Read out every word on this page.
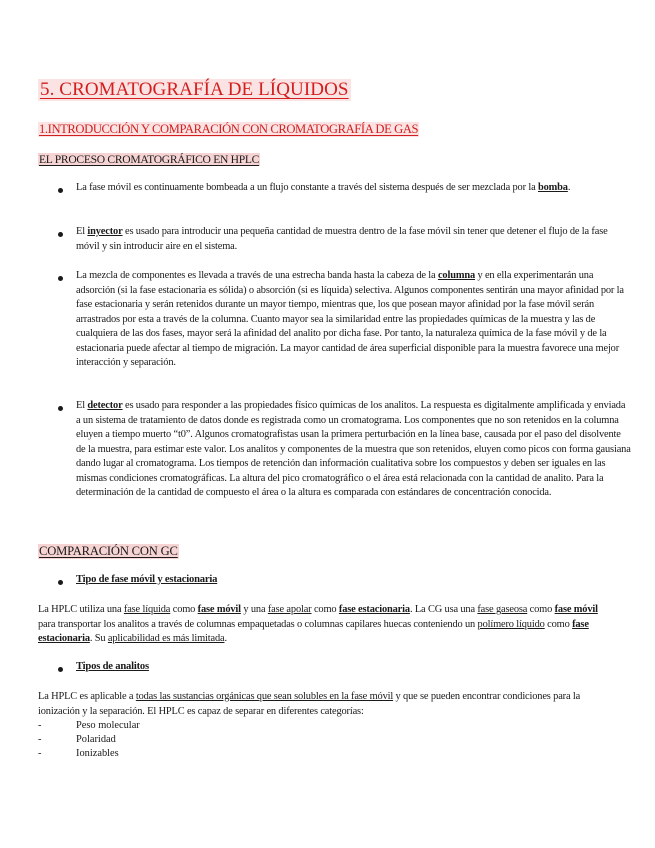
5. CROMATOGRAFÍA DE LÍQUIDOS
1.INTRODUCCIÓN Y COMPARACIÓN CON CROMATOGRAFÍA DE GAS
EL PROCESO CROMATOGRÁFICO EN HPLC
La fase móvil es continuamente bombeada a un flujo constante a través del sistema después de ser mezclada por la bomba.
El inyector es usado para introducir una pequeña cantidad de muestra dentro de la fase móvil sin tener que detener el flujo de la fase móvil y sin introducir aire en el sistema.
La mezcla de componentes es llevada a través de una estrecha banda hasta la cabeza de la columna y en ella experimentarán una adsorción (si la fase estacionaria es sólida) o absorción (si es líquida) selectiva. Algunos componentes sentirán una mayor afinidad por la fase estacionaria y serán retenidos durante un mayor tiempo, mientras que, los que posean mayor afinidad por la fase móvil serán arrastrados por esta a través de la columna. Cuanto mayor sea la similaridad entre las propiedades químicas de la muestra y las de cualquiera de las dos fases, mayor será la afinidad del analito por dicha fase. Por tanto, la naturaleza química de la fase móvil y de la estacionaria puede afectar al tiempo de migración. La mayor cantidad de área superficial disponible para la muestra favorece una mejor interacción y separación.
El detector es usado para responder a las propiedades físico químicas de los analitos. La respuesta es digitalmente amplificada y enviada a un sistema de tratamiento de datos donde es registrada como un cromatograma. Los componentes que no son retenidos en la columna eluyen a tiempo muerto “t0”. Algunos cromatografistas usan la primera perturbación en la línea base, causada por el paso del disolvente de la muestra, para estimar este valor. Los analitos y componentes de la muestra que son retenidos, eluyen como picos con forma gausiana dando lugar al cromatograma. Los tiempos de retención dan información cualitativa sobre los compuestos y deben ser iguales en las mismas condiciones cromatográficas. La altura del pico cromatográfico o el área está relacionada con la cantidad de analito. Para la determinación de la cantidad de compuesto el área o la altura es comparada con estándares de concentración conocida.
COMPARACIÓN CON GC
Tipo de fase móvil y estacionaria
La HPLC utiliza una fase líquida como fase móvil y una fase apolar como fase estacionaria. La CG usa una fase gaseosa como fase móvil para transportar los analitos a través de columnas empaquetadas o columnas capilares huecas conteniendo un polímero líquido como fase estacionaria. Su aplicabilidad es más limitada.
Tipos de analitos
La HPLC es aplicable a todas las sustancias orgánicas que sean solubles en la fase móvil y que se pueden encontrar condiciones para la ionización y la separación. El HPLC es capaz de separar en diferentes categorías:
-	Peso molecular
-	Polaridad
-	Ionizables
